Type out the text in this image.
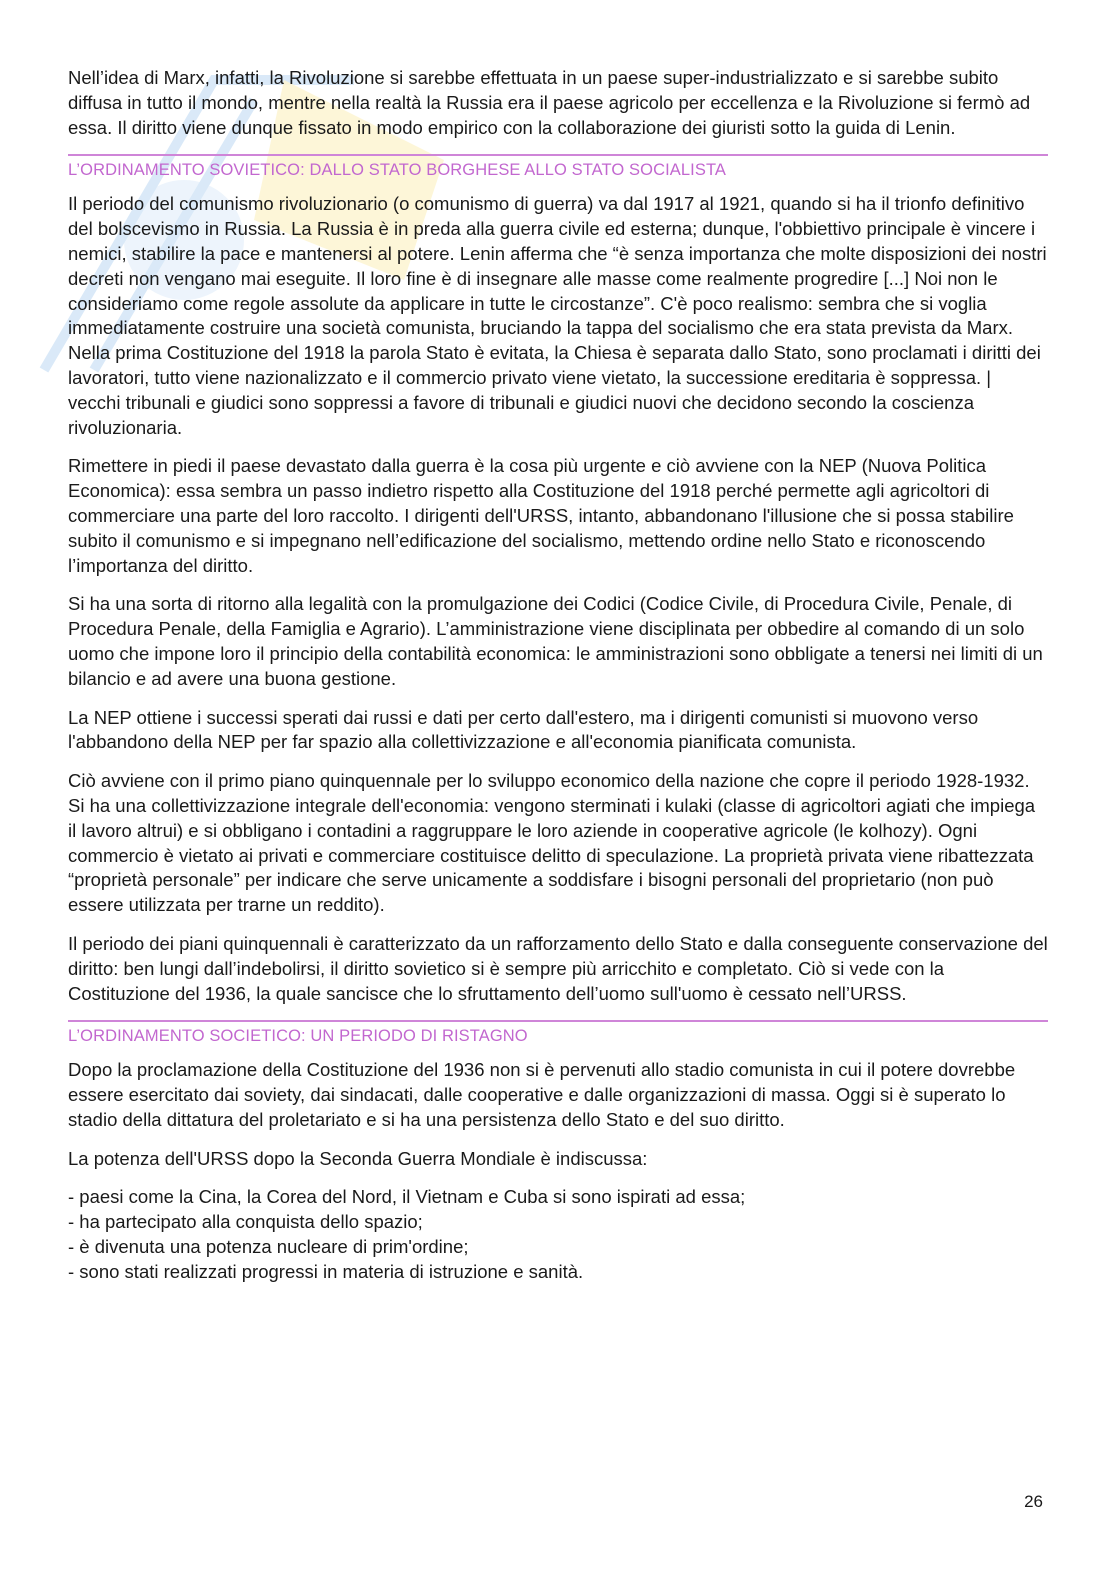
Nell’idea di Marx, infatti, la Rivoluzione si sarebbe effettuata in un paese super-industrializzato e si sarebbe subito diffusa in tutto il mondo, mentre nella realtà la Russia era il paese agricolo per eccellenza e la Rivoluzione si fermò ad essa. Il diritto viene dunque fissato in modo empirico con la collaborazione dei giuristi sotto la guida di Lenin.

L’ORDINAMENTO SOVIETICO: DALLO STATO BORGHESE ALLO STATO SOCIALISTA

Il periodo del comunismo rivoluzionario (o comunismo di guerra) va dal 1917 al 1921, quando si ha il trionfo definitivo del bolscevismo in Russia. La Russia è in preda alla guerra civile ed esterna; dunque, l'obbiettivo principale è vincere i nemici, stabilire la pace e mantenersi al potere. Lenin afferma che “è senza importanza che molte disposizioni dei nostri decreti non vengano mai eseguite. Il loro fine è di insegnare alle masse come realmente progredire [...] Noi non le consideriamo come regole assolute da applicare in tutte le circostanze”. C'è poco realismo: sembra che si voglia immediatamente costruire una società comunista, bruciando la tappa del socialismo che era stata prevista da Marx.

Nella prima Costituzione del 1918 la parola Stato è evitata, la Chiesa è separata dallo Stato, sono proclamati i diritti dei lavoratori, tutto viene nazionalizzato e il commercio privato viene vietato, la successione ereditaria è soppressa. | vecchi tribunali e giudici sono soppressi a favore di tribunali e giudici nuovi che decidono secondo la coscienza rivoluzionaria.

Rimettere in piedi il paese devastato dalla guerra è la cosa più urgente e ciò avviene con la NEP (Nuova Politica Economica): essa sembra un passo indietro rispetto alla Costituzione del 1918 perché permette agli agricoltori di commerciare una parte del loro raccolto. I dirigenti dell'URSS, intanto, abbandonano l'illusione che si possa stabilire subito il comunismo e si impegnano nell’edificazione del socialismo, mettendo ordine nello Stato e riconoscendo l’importanza del diritto.

Si ha una sorta di ritorno alla legalità con la promulgazione dei Codici (Codice Civile, di Procedura Civile, Penale, di Procedura Penale, della Famiglia e Agrario). L’amministrazione viene disciplinata per obbedire al comando di un solo uomo che impone loro il principio della contabilità economica: le amministrazioni sono obbligate a tenersi nei limiti di un bilancio e ad avere una buona gestione.

La NEP ottiene i successi sperati dai russi e dati per certo dall'estero, ma i dirigenti comunisti si muovono verso l'abbandono della NEP per far spazio alla collettivizzazione e all'economia pianificata comunista.

Ciò avviene con il primo piano quinquennale per lo sviluppo economico della nazione che copre il periodo 1928-1932. Si ha una collettivizzazione integrale dell'economia: vengono sterminati i kulaki (classe di agricoltori agiati che impiega il lavoro altrui) e si obbligano i contadini a raggruppare le loro aziende in cooperative agricole (le kolhozy). Ogni commercio è vietato ai privati e commerciare costituisce delitto di speculazione. La proprietà privata viene ribattezzata “proprietà personale” per indicare che serve unicamente a soddisfare i bisogni personali del proprietario (non può essere utilizzata per trarne un reddito).

Il periodo dei piani quinquennali è caratterizzato da un rafforzamento dello Stato e dalla conseguente conservazione del diritto: ben lungi dall’indebolirsi, il diritto sovietico si è sempre più arricchito e completato. Ciò si vede con la Costituzione del 1936, la quale sancisce che lo sfruttamento dell’uomo sull'uomo è cessato nell’URSS.

L’ORDINAMENTO SOCIETICO: UN PERIODO DI RISTAGNO

Dopo la proclamazione della Costituzione del 1936 non si è pervenuti allo stadio comunista in cui il potere dovrebbe essere esercitato dai soviety, dai sindacati, dalle cooperative e dalle organizzazioni di massa. Oggi si è superato lo stadio della dittatura del proletariato e si ha una persistenza dello Stato e del suo diritto.

La potenza dell'URSS dopo la Seconda Guerra Mondiale è indiscussa:

- paesi come la Cina, la Corea del Nord, il Vietnam e Cuba si sono ispirati ad essa;
- ha partecipato alla conquista dello spazio;
- è divenuta una potenza nucleare di prim'ordine;
- sono stati realizzati progressi in materia di istruzione e sanità.
26
